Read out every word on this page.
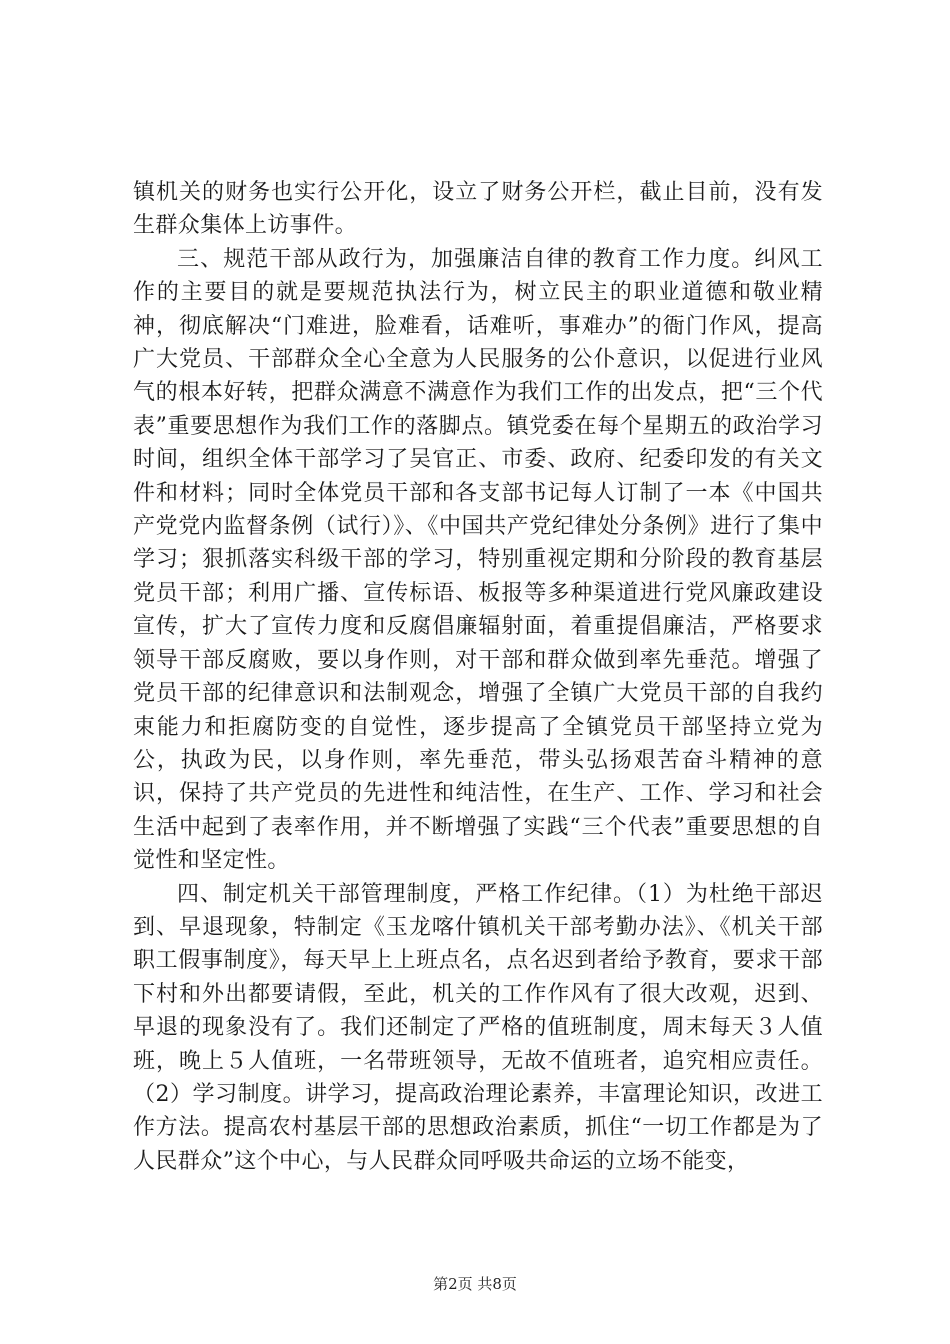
镇机关的财务也实行公开化，设立了财务公开栏，截止目前，没有发生群众集体上访事件。

三、规范干部从政行为，加强廉洁自律的教育工作力度。纠风工作的主要目的就是要规范执法行为，树立民主的职业道德和敬业精神，彻底解决“门难进，脸难看，话难听，事难办”的衙门作风，提高广大党员、干部群众全心全意为人民服务的公仆意识，以促进行业风气的根本好转，把群众满意不满意作为我们工作的出发点，把“三个代表”重要思想作为我们工作的落脚点。镇党委在每个星期五的政治学习时间，组织全体干部学习了吴官正、市委、政府、纪委印发的有关文件和材料；同时全体党员干部和各支部书记每人订制了一本《中国共产党党内监督条例（试行）》、《中国共产党纪律处分条例》进行了集中学习；狠抓落实科级干部的学习，特别重视定期和分阶段的教育基层党员干部；利用广播、宣传标语、板报等多种渠道进行党风廉政建设宣传，扩大了宣传力度和反腐倡廉辐射面，着重提倡廉洁，严格要求领导干部反腐败，要以身作则，对干部和群众做到率先垂范。增强了党员干部的纪律意识和法制观念，增强了全镇广大党员干部的自我约束能力和拒腐防变的自觉性，逐步提高了全镇党员干部坚持立党为公，执政为民，以身作则，率先垂范，带头弘扬艰苦奋斗精神的意识，保持了共产党员的先进性和纯洁性，在生产、工作、学习和社会生活中起到了表率作用，并不断增强了实践“三个代表”重要思想的自觉性和坚定性。

四、制定机关干部管理制度，严格工作纪律。（1）为杜绝干部迟到、早退现象，特制定《玉龙喀什镇机关干部考勤办法》、《机关干部职工假事制度》，每天早上上班点名，点名迟到者给予教育，要求干部下村和外出都要请假，至此，机关的工作作风有了很大改观，迟到、早退的现象没有了。我们还制定了严格的值班制度，周末每天３人值班，晚上５人值班，一名带班领导，无故不值班者，追究相应责任。（2）学习制度。讲学习，提高政治理论素养，丰富理论知识，改进工作方法。提高农村基层干部的思想政治素质，抓住“一切工作都是为了人民群众”这个中心，与人民群众同呼吸共命运的立场不能变，

第2页 共8页
